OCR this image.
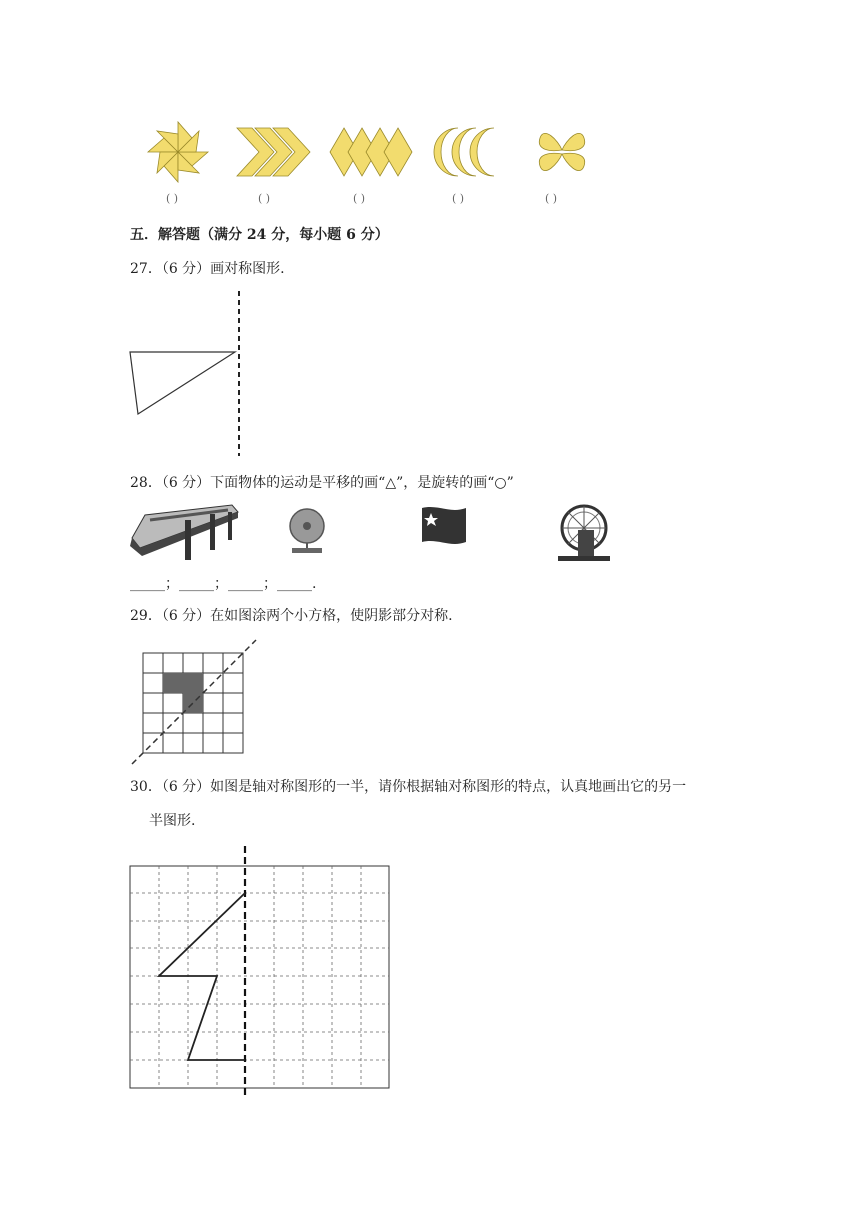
( )	( )	( )	( )	( )
五．解答题（满分 24 分，每小题 6 分）
27．（6 分）画对称图形.
28．（6 分）下面物体的运动是平移的画“△”，是旋转的画“○”
_____；_____；_____；_____.
29．（6 分）在如图涂两个小方格，使阴影部分对称.
30．（6 分）如图是轴对称图形的一半，请你根据轴对称图形的特点，认真地画出它的另一
半图形.
